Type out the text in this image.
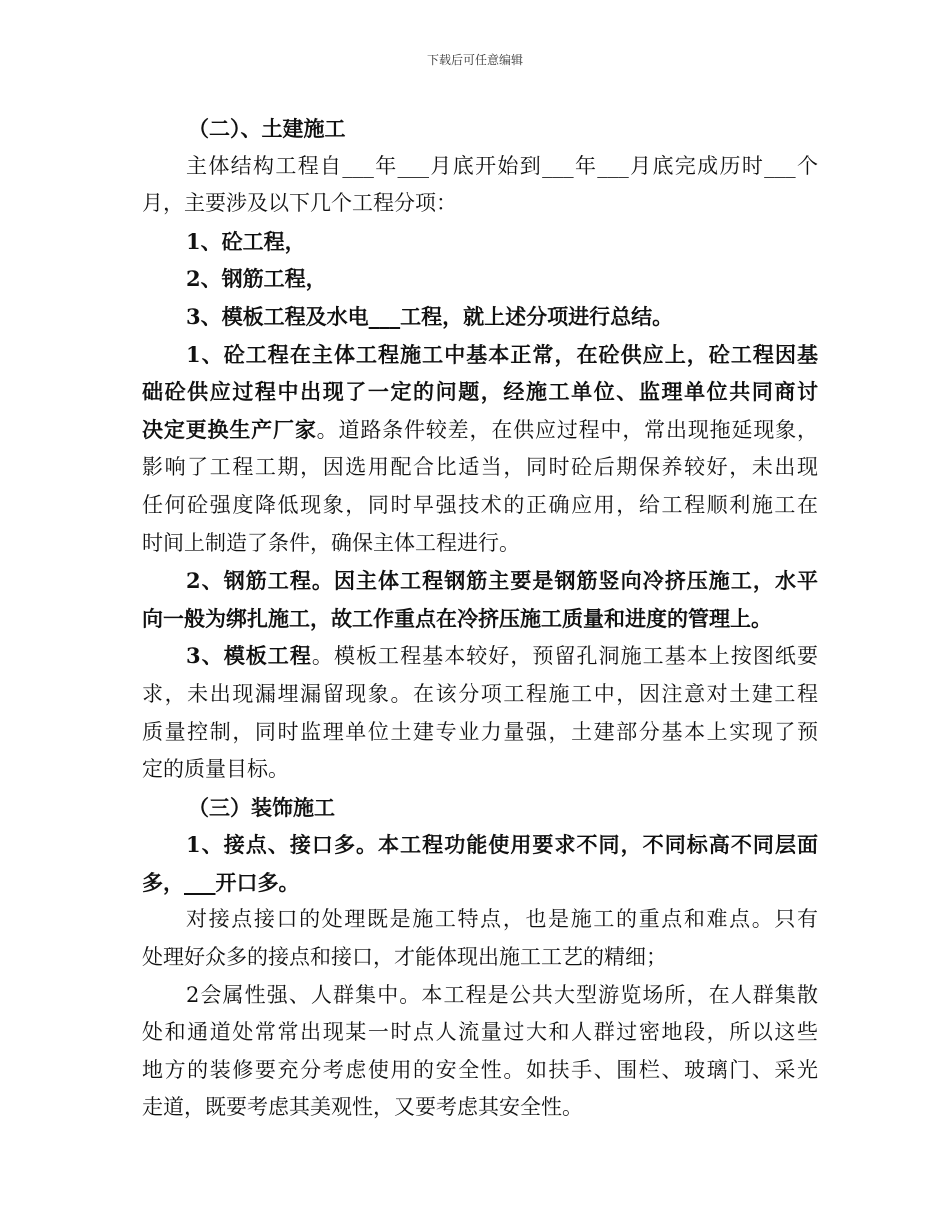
下载后可任意编辑
（二）、土建施工
主体结构工程自___年___月底开始到___年___月底完成历时___个
月，主要涉及以下几个工程分项：
1、砼工程，
2、钢筋工程，
3、模板工程及水电___工程，就上述分项进行总结。
1、砼工程在主体工程施工中基本正常，在砼供应上，砼工程因基
础砼供应过程中出现了一定的问题，经施工单位、监理单位共同商讨
决定更换生产厂家。道路条件较差，在供应过程中，常出现拖延现象，
影响了工程工期，因选用配合比适当，同时砼后期保养较好，未出现
任何砼强度降低现象，同时早强技术的正确应用，给工程顺利施工在
时间上制造了条件，确保主体工程进行。
2、钢筋工程。因主体工程钢筋主要是钢筋竖向冷挤压施工，水平
向一般为绑扎施工，故工作重点在冷挤压施工质量和进度的管理上。
3、模板工程。模板工程基本较好，预留孔洞施工基本上按图纸要
求，未出现漏埋漏留现象。在该分项工程施工中，因注意对土建工程
质量控制，同时监理单位土建专业力量强，土建部分基本上实现了预
定的质量目标。
（三）装饰施工
1、接点、接口多。本工程功能使用要求不同，不同标高不同层面
多，___开口多。
对接点接口的处理既是施工特点，也是施工的重点和难点。只有
处理好众多的接点和接口，才能体现出施工工艺的精细；
2会属性强、人群集中。本工程是公共大型游览场所，在人群集散
处和通道处常常出现某一时点人流量过大和人群过密地段，所以这些
地方的装修要充分考虑使用的安全性。如扶手、围栏、玻璃门、采光
走道，既要考虑其美观性，又要考虑其安全性。
